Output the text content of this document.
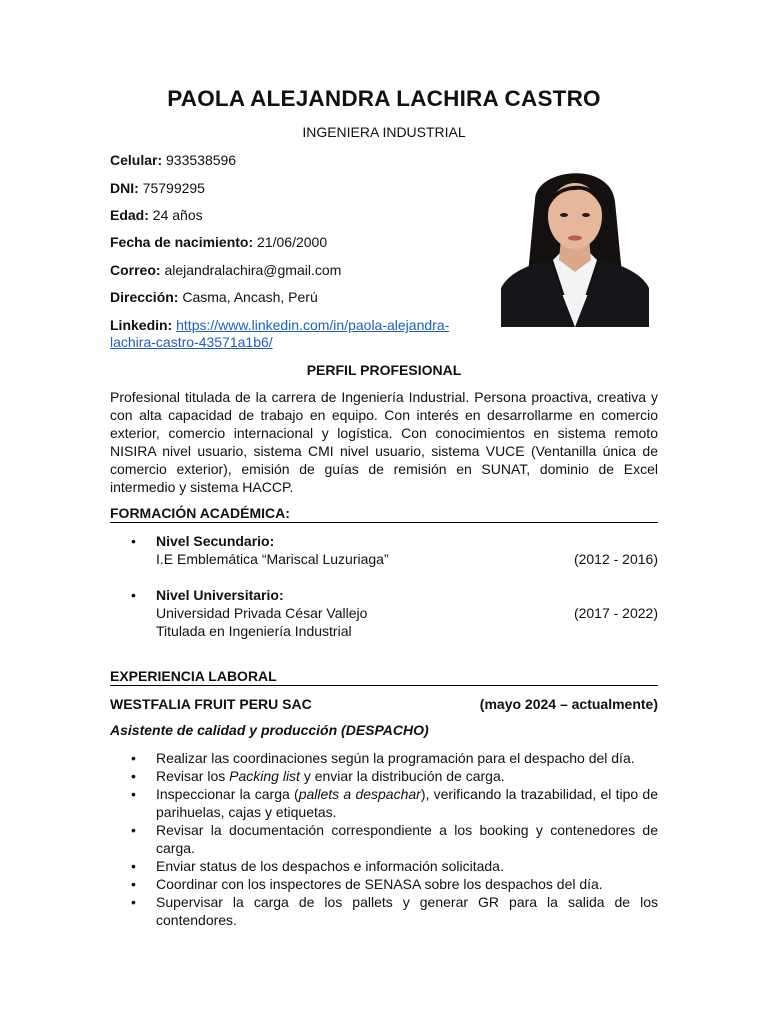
PAOLA ALEJANDRA LACHIRA CASTRO
INGENIERA INDUSTRIAL
Celular: 933538596
DNI: 75799295
Edad: 24 años
Fecha de nacimiento: 21/06/2000
Correo: alejandralachira@gmail.com
Dirección: Casma, Ancash, Perú
Linkedin: https://www.linkedin.com/in/paola-alejandra-
lachira-castro-43571a1b6/
PERFIL PROFESIONAL
Profesional titulada de la carrera de Ingeniería Industrial. Persona proactiva, creativa y con alta capacidad de trabajo en equipo. Con interés en desarrollarme en comercio exterior, comercio internacional y logística. Con conocimientos en sistema remoto NISIRA nivel usuario, sistema CMI nivel usuario, sistema VUCE (Ventanilla única de comercio exterior), emisión de guías de remisión en SUNAT, dominio de Excel intermedio y sistema HACCP.
FORMACIÓN ACADÉMICA:
• Nivel Secundario:
I.E Emblemática “Mariscal Luzuriaga”	(2012 - 2016)
• Nivel Universitario:
Universidad Privada César Vallejo	(2017 - 2022)
Titulada en Ingeniería Industrial
EXPERIENCIA LABORAL
WESTFALIA FRUIT PERU SAC	(mayo 2024 – actualmente)
Asistente de calidad y producción (DESPACHO)
• Realizar las coordinaciones según la programación para el despacho del día.
• Revisar los Packing list y enviar la distribución de carga.
• Inspeccionar la carga (pallets a despachar), verificando la trazabilidad, el tipo de parihuelas, cajas y etiquetas.
• Revisar la documentación correspondiente a los booking y contenedores de carga.
• Enviar status de los despachos e información solicitada.
• Coordinar con los inspectores de SENASA sobre los despachos del día.
• Supervisar la carga de los pallets y generar GR para la salida de los contendores.
